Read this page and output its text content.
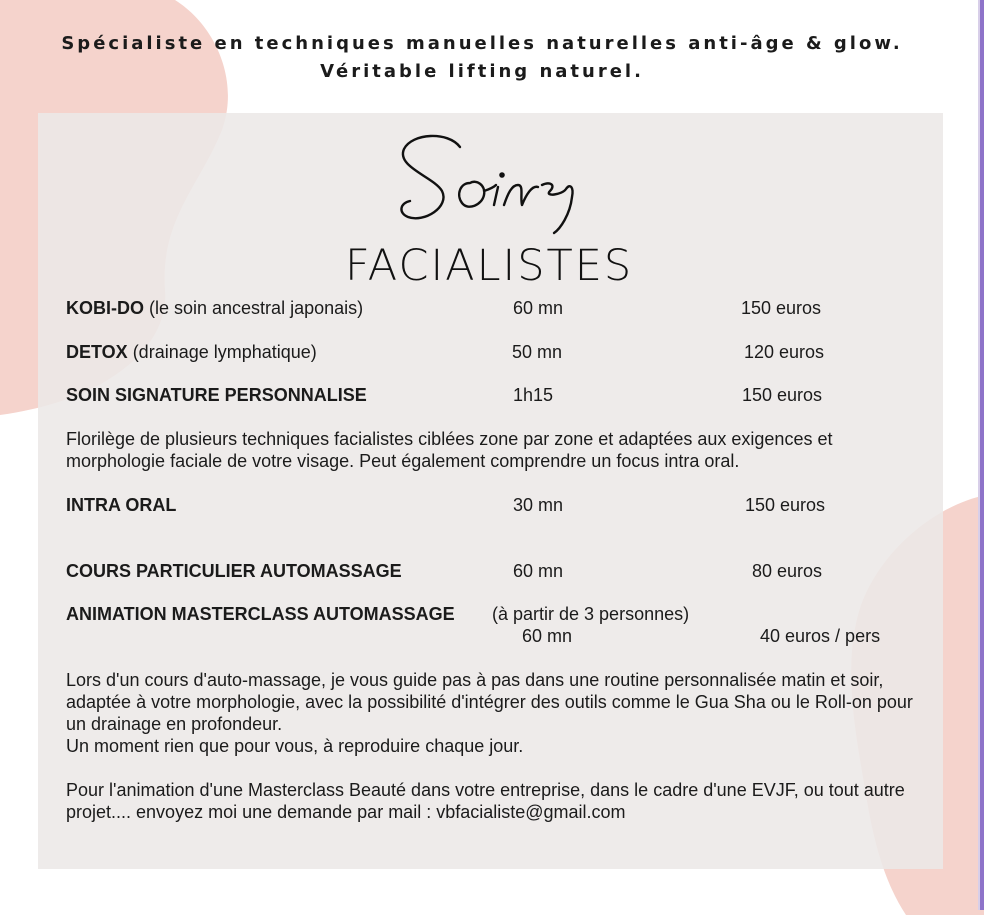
Spécialiste en techniques manuelles naturelles anti-âge & glow.
Véritable lifting naturel.
FACIALISTES
KOBI-DO (le soin ancestral japonais)	60 mn	150 euros
DETOX (drainage lymphatique)	50 mn	120 euros
SOIN SIGNATURE PERSONNALISE	1h15	150 euros
Florilège de plusieurs techniques facialistes ciblées zone par zone et adaptées aux exigences et morphologie faciale de votre visage. Peut également comprendre un focus intra oral.
INTRA ORAL	30 mn	150 euros
COURS PARTICULIER AUTOMASSAGE	60 mn	80 euros
ANIMATION MASTERCLASS AUTOMASSAGE (à partir de 3 personnes)
60 mn	40 euros / pers
Lors d'un cours d'auto-massage, je vous guide pas à pas dans une routine personnalisée matin et soir, adaptée à votre morphologie, avec la possibilité d'intégrer des outils comme le Gua Sha ou le Roll-on pour un drainage en profondeur.
Un moment rien que pour vous, à reproduire chaque jour.
Pour l'animation d'une Masterclass Beauté dans votre entreprise, dans le cadre d'une EVJF, ou tout autre projet.... envoyez moi une demande par mail : vbfacialiste@gmail.com
